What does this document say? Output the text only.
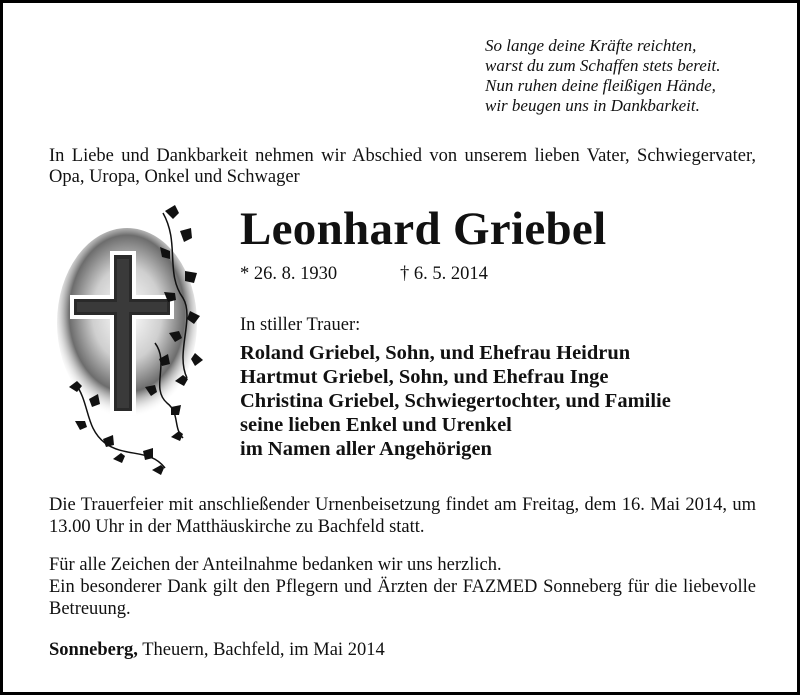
So lange deine Kräfte reichten,
warst du zum Schaffen stets bereit.
Nun ruhen deine fleißigen Hände,
wir beugen uns in Dankbarkeit.
In Liebe und Dankbarkeit nehmen wir Abschied von unserem lieben Vater, Schwiegervater, Opa, Uropa, Onkel und Schwager
Leonhard Griebel
* 26. 8. 1930	† 6. 5. 2014
In stiller Trauer:
Roland Griebel, Sohn, und Ehefrau Heidrun
Hartmut Griebel, Sohn, und Ehefrau Inge
Christina Griebel, Schwiegertochter, und Familie
seine lieben Enkel und Urenkel
im Namen aller Angehörigen
Die Trauerfeier mit anschließender Urnenbeisetzung findet am Freitag, dem 16. Mai 2014, um 13.00 Uhr in der Matthäuskirche zu Bachfeld statt.
Für alle Zeichen der Anteilnahme bedanken wir uns herzlich.
Ein besonderer Dank gilt den Pflegern und Ärzten der FAZMED Sonneberg für die liebevolle Betreuung.
Sonneberg, Theuern, Bachfeld, im Mai 2014
